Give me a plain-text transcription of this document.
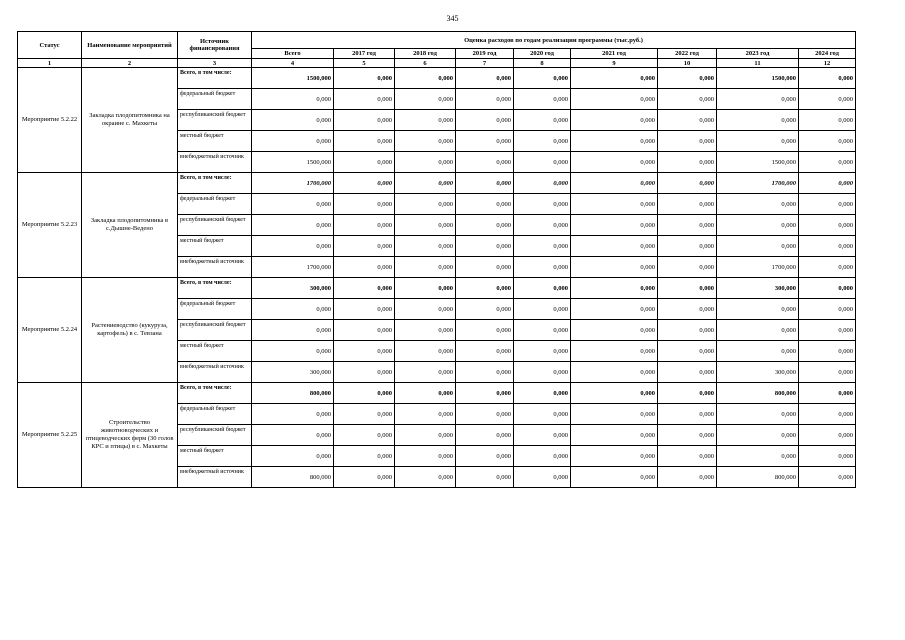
345
Статус	Наименование мероприятий	Источник финансирования	Оценка расходов по годам реализации программы (тыс.руб.)								
			Всего	2017 год	2018 год	2019 год	2020 год	2021 год	2022 год	2023 год	2024 год
1	2	3	4	5	6	7	8	9	10	11	12
Мероприятие 5.2.22	Закладка плодопитомника на окраине с. Махкеты	Всего, в том числе:	1500,000	0,000	0,000	0,000	0,000	0,000	0,000	1500,000	0,000
		федеральный бюджет	0,000	0,000	0,000	0,000	0,000	0,000	0,000	0,000	0,000
		республиканский бюджет	0,000	0,000	0,000	0,000	0,000	0,000	0,000	0,000	0,000
		местный бюджет	0,000	0,000	0,000	0,000	0,000	0,000	0,000	0,000	0,000
		внебюджетный источник	1500,000	0,000	0,000	0,000	0,000	0,000	0,000	1500,000	0,000
Мероприятие 5.2.23	Закладка плодопитомника в с.Дышне-Ведено	Всего, в том числе:	1700,000	0,000	0,000	0,000	0,000	0,000	0,000	1700,000	0,000
		федеральный бюджет	0,000	0,000	0,000	0,000	0,000	0,000	0,000	0,000	0,000
		республиканский бюджет	0,000	0,000	0,000	0,000	0,000	0,000	0,000	0,000	0,000
		местный бюджет	0,000	0,000	0,000	0,000	0,000	0,000	0,000	0,000	0,000
		внебюджетный источник	1700,000	0,000	0,000	0,000	0,000	0,000	0,000	1700,000	0,000
Мероприятие 5.2.24	Растениеводство (кукуруза, картофель) в с. Тевзана	Всего, в том числе:	300,000	0,000	0,000	0,000	0,000	0,000	0,000	300,000	0,000
		федеральный бюджет	0,000	0,000	0,000	0,000	0,000	0,000	0,000	0,000	0,000
		республиканский бюджет	0,000	0,000	0,000	0,000	0,000	0,000	0,000	0,000	0,000
		местный бюджет	0,000	0,000	0,000	0,000	0,000	0,000	0,000	0,000	0,000
		внебюджетный источник	300,000	0,000	0,000	0,000	0,000	0,000	0,000	300,000	0,000
Мероприятие 5.2.25	Строительство животноводческих и птицеводческих ферм (30 голов КРС и птицы) в с. Махкеты	Всего, в том числе:	800,000	0,000	0,000	0,000	0,000	0,000	0,000	800,000	0,000
		федеральный бюджет	0,000	0,000	0,000	0,000	0,000	0,000	0,000	0,000	0,000
		республиканский бюджет	0,000	0,000	0,000	0,000	0,000	0,000	0,000	0,000	0,000
		местный бюджет	0,000	0,000	0,000	0,000	0,000	0,000	0,000	0,000	0,000
		внебюджетный источник	800,000	0,000	0,000	0,000	0,000	0,000	0,000	800,000	0,000
